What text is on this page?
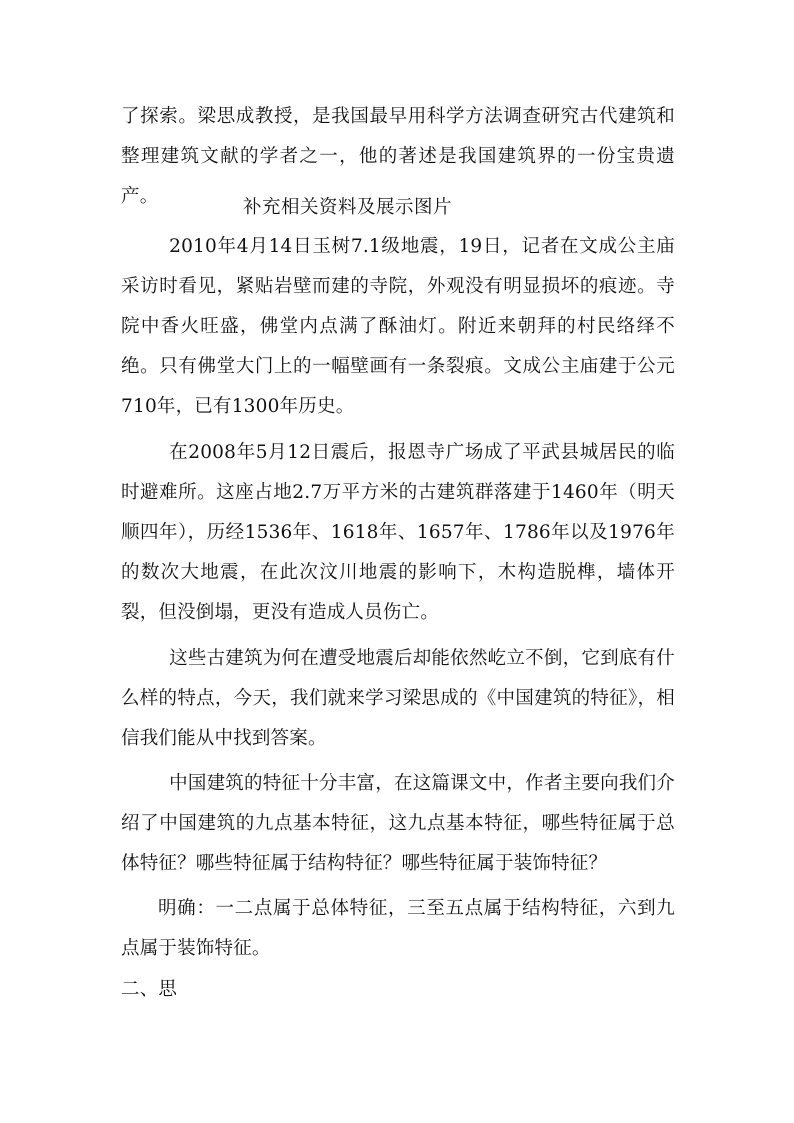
了探索。梁思成教授，是我国最早用科学方法调查研究古代建筑和整理建筑文献的学者之一，他的著述是我国建筑界的一份宝贵遗产。

补充相关资料及展示图片

2010年4月14日玉树7.1级地震，19日，记者在文成公主庙采访时看见，紧贴岩壁而建的寺院，外观没有明显损坏的痕迹。寺院中香火旺盛，佛堂内点满了酥油灯。附近来朝拜的村民络绎不绝。只有佛堂大门上的一幅壁画有一条裂痕。文成公主庙建于公元710年，已有1300年历史。

在2008年5月12日震后，报恩寺广场成了平武县城居民的临时避难所。这座占地2.7万平方米的古建筑群落建于1460年（明天顺四年），历经1536年、1618年、1657年、1786年以及1976年的数次大地震，在此次汶川地震的影响下，木构造脱榫，墙体开裂，但没倒塌，更没有造成人员伤亡。

这些古建筑为何在遭受地震后却能依然屹立不倒，它到底有什么样的特点，今天，我们就来学习梁思成的《中国建筑的特征》，相信我们能从中找到答案。

中国建筑的特征十分丰富，在这篇课文中，作者主要向我们介绍了中国建筑的九点基本特征，这九点基本特征，哪些特征属于总体特征？哪些特征属于结构特征？哪些特征属于装饰特征？

明确：一二点属于总体特征，三至五点属于结构特征，六到九点属于装饰特征。

二、思
